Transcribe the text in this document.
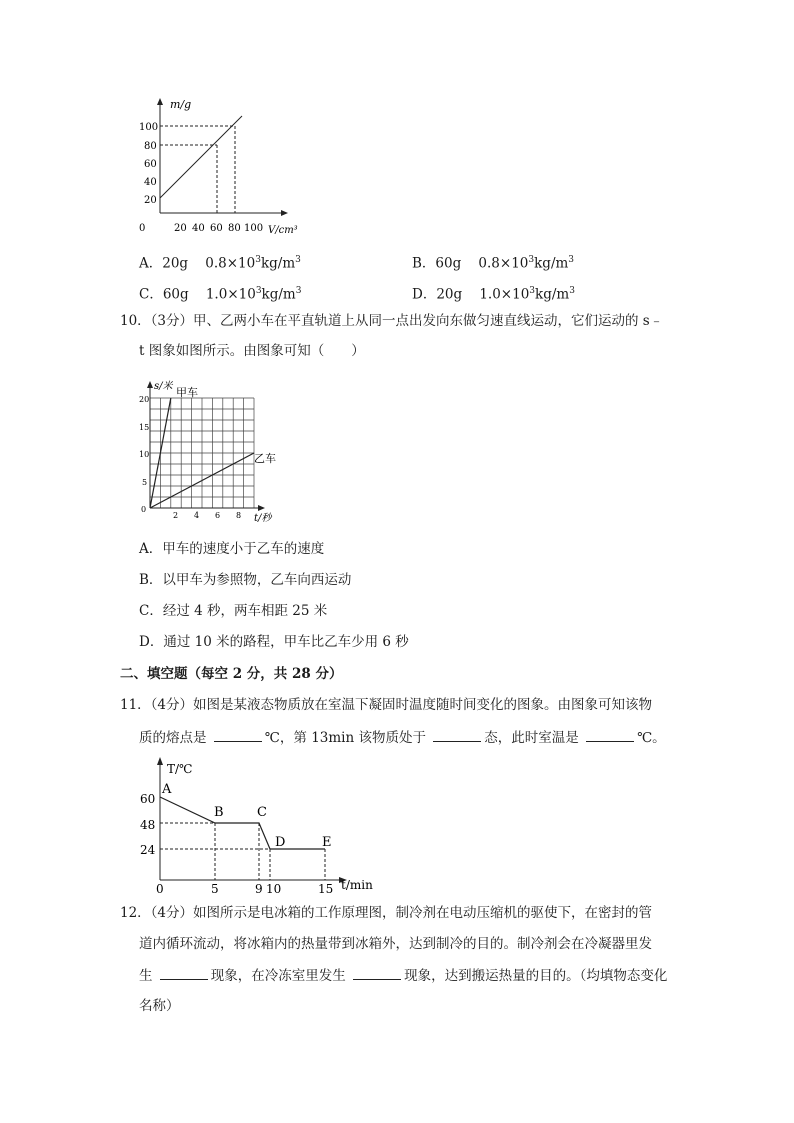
m/g
V/cm³
100
80
60
40
20
0	20 40 60 80 100
A．20g $0.8\times 10^3kg/m^3$	B．60g $0.8\times 10^3kg/m^3$
C．60g $1.0\times 10^3kg/m^3$	D．20g $1.0\times 10^3kg/m^3$
10．（3分）甲、乙两小车在平直轨道上从同一点出发向东做匀速直线运动，它们运动的 s﹣
t 图象如图所示。由图象可知（　　）
s/米
t/秒
甲车
乙车
20
15
10
5
0
2 4 6 8
A．甲车的速度小于乙车的速度
B．以甲车为参照物，乙车向西运动
C．经过 4 秒，两车相距 25 米
D．通过 10 米的路程，甲车比乙车少用 6 秒
二、填空题（每空 2 分，共 28 分）
11．（4分）如图是某液态物质放在室温下凝固时温度随时间变化的图象。由图象可知该物
质的熔点是	℃，第 13min 该物质处于	态，此时室温是	℃。
T/℃
t/min
A
B	C
D	E
60
48
24
0	5	9 10	15
12．（4分）如图所示是电冰箱的工作原理图，制冷剂在电动压缩机的驱使下，在密封的管
道内循环流动，将冰箱内的热量带到冰箱外，达到制冷的目的。制冷剂会在冷凝器里发
生	现象，在冷冻室里发生	现象，达到搬运热量的目的。（均填物态变化
名称）
